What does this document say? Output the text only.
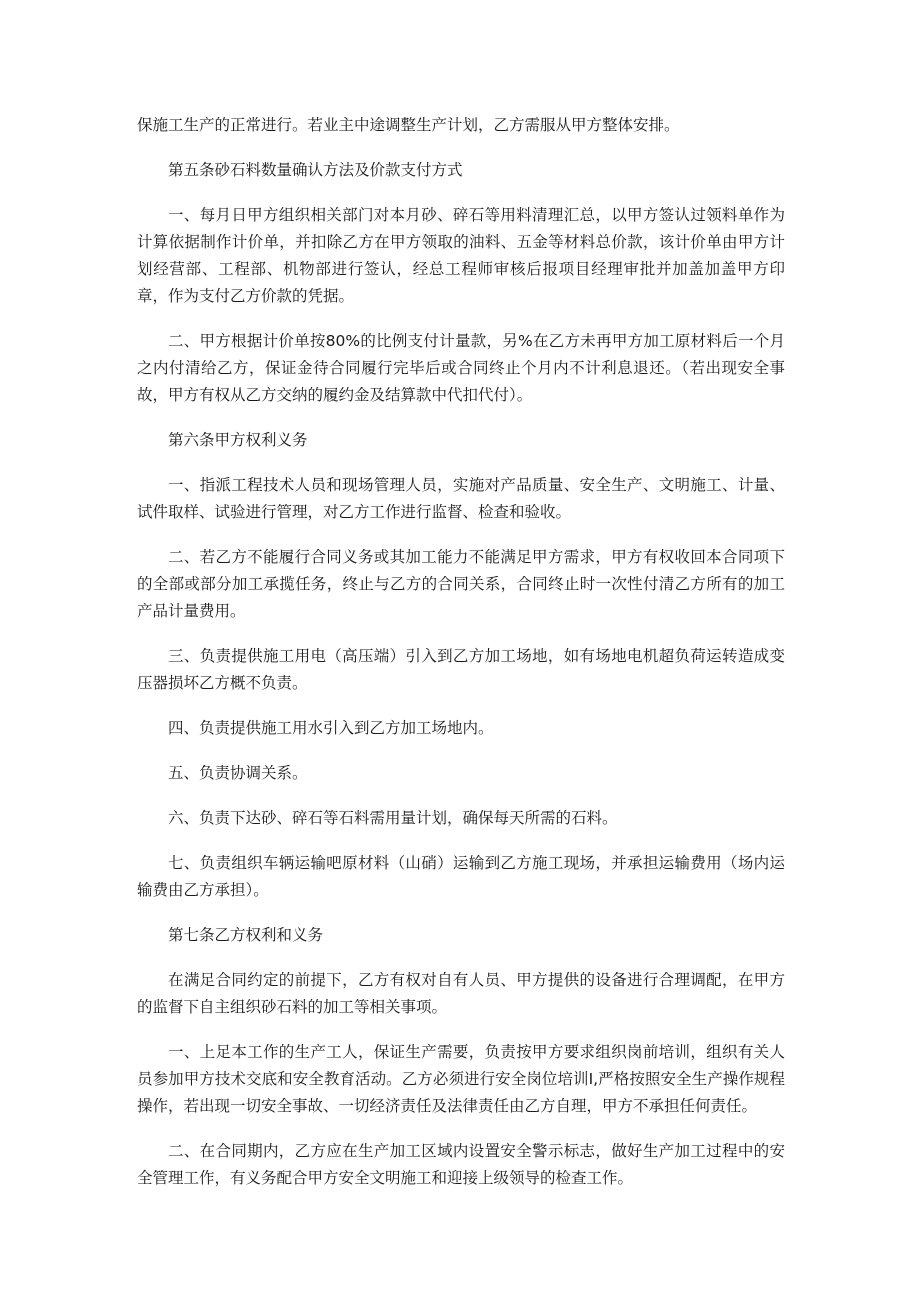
保施工生产的正常进行。若业主中途调整生产计划，乙方需服从甲方整体安排。

第五条砂石料数量确认方法及价款支付方式

一、每月日甲方组织相关部门对本月砂、碎石等用料清理汇总，以甲方签认过领料单作为计算依据制作计价单，并扣除乙方在甲方领取的油料、五金等材料总价款，该计价单由甲方计划经营部、工程部、机物部进行签认，经总工程师审核后报项目经理审批并加盖加盖甲方印章，作为支付乙方价款的凭据。

二、甲方根据计价单按80%的比例支付计量款，另%在乙方未再甲方加工原材料后一个月之内付清给乙方，保证金待合同履行完毕后或合同终止个月内不计利息退还。（若出现安全事故，甲方有权从乙方交纳的履约金及结算款中代扣代付）。

第六条甲方权利义务

一、指派工程技术人员和现场管理人员，实施对产品质量、安全生产、文明施工、计量、试件取样、试验进行管理，对乙方工作进行监督、检查和验收。

二、若乙方不能履行合同义务或其加工能力不能满足甲方需求，甲方有权收回本合同项下的全部或部分加工承揽任务，终止与乙方的合同关系，合同终止时一次性付清乙方所有的加工产品计量费用。

三、负责提供施工用电（高压端）引入到乙方加工场地，如有场地电机超负荷运转造成变压器损坏乙方概不负责。

四、负责提供施工用水引入到乙方加工场地内。

五、负责协调关系。

六、负责下达砂、碎石等石料需用量计划，确保每天所需的石料。

七、负责组织车辆运输吧原材料（山硝）运输到乙方施工现场，并承担运输费用（场内运输费由乙方承担）。

第七条乙方权利和义务

在满足合同约定的前提下，乙方有权对自有人员、甲方提供的设备进行合理调配，在甲方的监督下自主组织砂石料的加工等相关事项。

一、上足本工作的生产工人，保证生产需要，负责按甲方要求组织岗前培训，组织有关人员参加甲方技术交底和安全教育活动。乙方必须进行安全岗位培训I,严格按照安全生产操作规程操作，若出现一切安全事故、一切经济责任及法律责任由乙方自理，甲方不承担任何责任。

二、在合同期内，乙方应在生产加工区域内设置安全警示标志，做好生产加工过程中的安全管理工作，有义务配合甲方安全文明施工和迎接上级领导的检查工作。
